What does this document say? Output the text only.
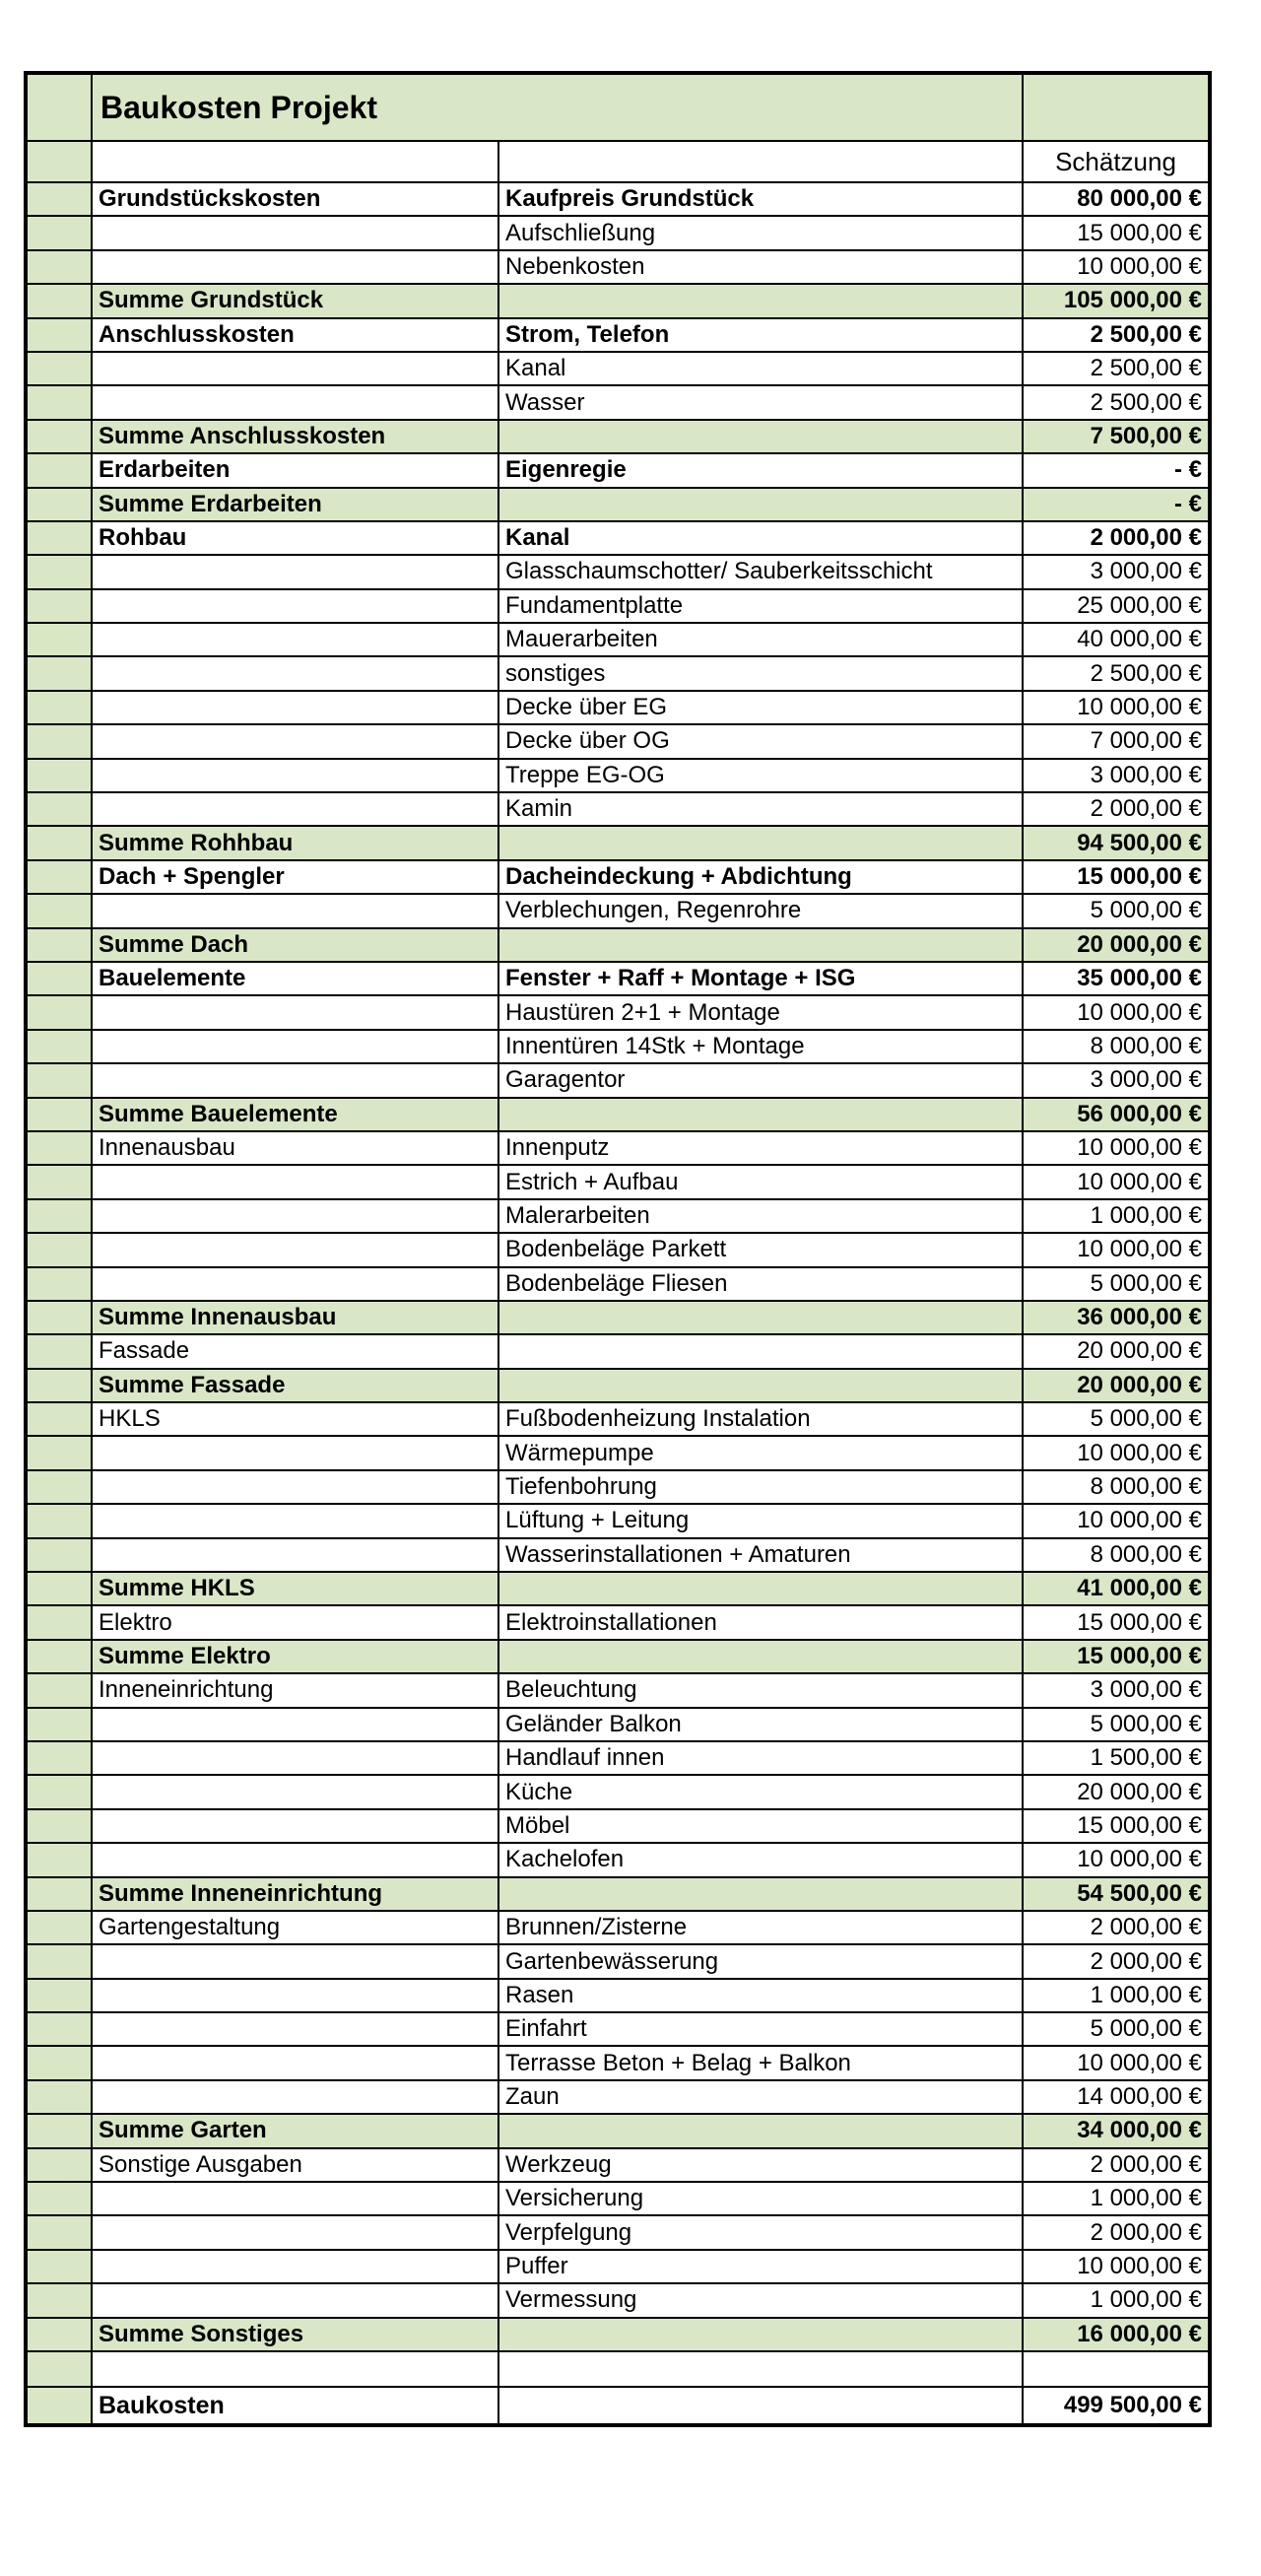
	Baukosten Projekt		
			Schätzung
	Grundstückskosten	Kaufpreis Grundstück	80 000,00 €
		Aufschließung	15 000,00 €
		Nebenkosten	10 000,00 €
	Summe Grundstück		105 000,00 €
	Anschlusskosten	Strom, Telefon	2 500,00 €
		Kanal	2 500,00 €
		Wasser	2 500,00 €
	Summe Anschlusskosten		7 500,00 €
	Erdarbeiten	Eigenregie	- €
	Summe Erdarbeiten		- €
	Rohbau	Kanal	2 000,00 €
		Glasschaumschotter/ Sauberkeitsschicht	3 000,00 €
		Fundamentplatte	25 000,00 €
		Mauerarbeiten	40 000,00 €
		sonstiges	2 500,00 €
		Decke über EG	10 000,00 €
		Decke über OG	7 000,00 €
		Treppe EG-OG	3 000,00 €
		Kamin	2 000,00 €
	Summe Rohhbau		94 500,00 €
	Dach + Spengler	Dacheindeckung + Abdichtung	15 000,00 €
		Verblechungen, Regenrohre	5 000,00 €
	Summe Dach		20 000,00 €
	Bauelemente	Fenster + Raff + Montage + ISG	35 000,00 €
		Haustüren 2+1 + Montage	10 000,00 €
		Innentüren 14Stk + Montage	8 000,00 €
		Garagentor	3 000,00 €
	Summe Bauelemente		56 000,00 €
	Innenausbau	Innenputz	10 000,00 €
		Estrich + Aufbau	10 000,00 €
		Malerarbeiten	1 000,00 €
		Bodenbeläge Parkett	10 000,00 €
		Bodenbeläge Fliesen	5 000,00 €
	Summe Innenausbau		36 000,00 €
	Fassade		20 000,00 €
	Summe Fassade		20 000,00 €
	HKLS	Fußbodenheizung Instalation	5 000,00 €
		Wärmepumpe	10 000,00 €
		Tiefenbohrung	8 000,00 €
		Lüftung + Leitung	10 000,00 €
		Wasserinstallationen + Amaturen	8 000,00 €
	Summe HKLS		41 000,00 €
	Elektro	Elektroinstallationen	15 000,00 €
	Summe Elektro		15 000,00 €
	Inneneinrichtung	Beleuchtung	3 000,00 €
		Geländer Balkon	5 000,00 €
		Handlauf innen	1 500,00 €
		Küche	20 000,00 €
		Möbel	15 000,00 €
		Kachelofen	10 000,00 €
	Summe Inneneinrichtung		54 500,00 €
	Gartengestaltung	Brunnen/Zisterne	2 000,00 €
		Gartenbewässerung	2 000,00 €
		Rasen	1 000,00 €
		Einfahrt	5 000,00 €
		Terrasse Beton + Belag + Balkon	10 000,00 €
		Zaun	14 000,00 €
	Summe Garten		34 000,00 €
	Sonstige Ausgaben	Werkzeug	2 000,00 €
		Versicherung	1 000,00 €
		Verpfelgung	2 000,00 €
		Puffer	10 000,00 €
		Vermessung	1 000,00 €
	Summe Sonstiges		16 000,00 €

	Baukosten		499 500,00 €
